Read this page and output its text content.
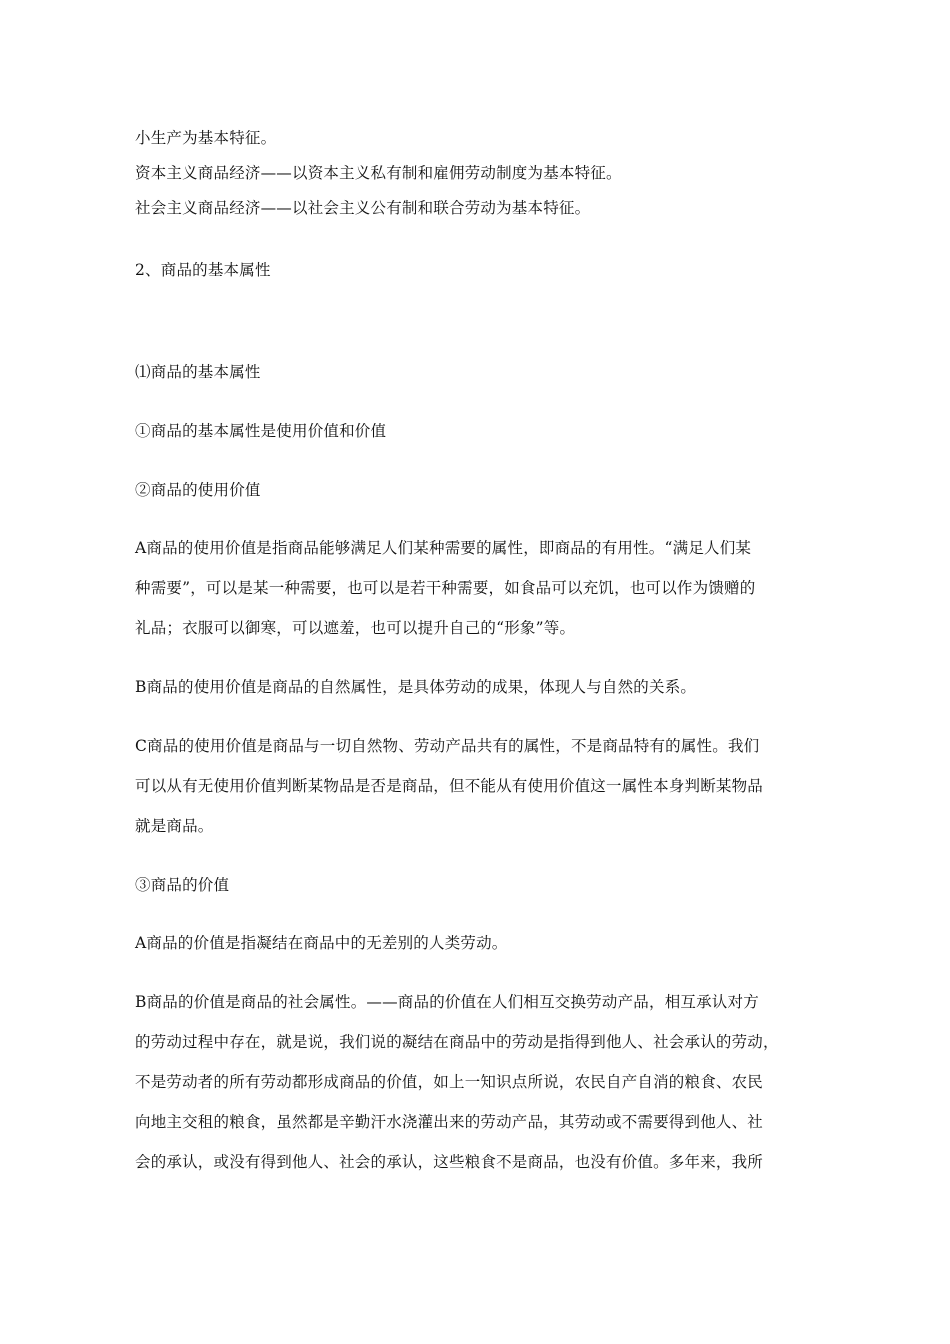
小生产为基本特征。
资本主义商品经济——以资本主义私有制和雇佣劳动制度为基本特征。
社会主义商品经济——以社会主义公有制和联合劳动为基本特征。
2、商品的基本属性
⑴商品的基本属性
①商品的基本属性是使用价值和价值
②商品的使用价值
A商品的使用价值是指商品能够满足人们某种需要的属性，即商品的有用性。“满足人们某
种需要”，可以是某一种需要，也可以是若干种需要，如食品可以充饥，也可以作为馈赠的
礼品；衣服可以御寒，可以遮羞，也可以提升自己的“形象”等。
B商品的使用价值是商品的自然属性，是具体劳动的成果，体现人与自然的关系。
C商品的使用价值是商品与一切自然物、劳动产品共有的属性，不是商品特有的属性。我们
可以从有无使用价值判断某物品是否是商品，但不能从有使用价值这一属性本身判断某物品
就是商品。
③商品的价值
A商品的价值是指凝结在商品中的无差别的人类劳动。
B商品的价值是商品的社会属性。——商品的价值在人们相互交换劳动产品，相互承认对方
的劳动过程中存在，就是说，我们说的凝结在商品中的劳动是指得到他人、社会承认的劳动，
不是劳动者的所有劳动都形成商品的价值，如上一知识点所说，农民自产自消的粮食、农民
向地主交租的粮食，虽然都是辛勤汗水浇灌出来的劳动产品，其劳动或不需要得到他人、社
会的承认，或没有得到他人、社会的承认，这些粮食不是商品，也没有价值。多年来，我所
